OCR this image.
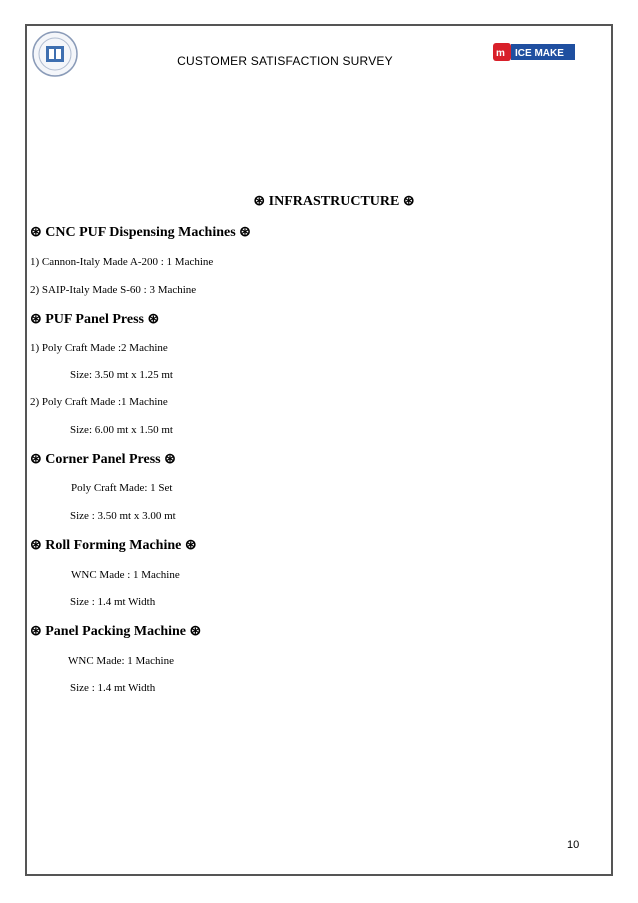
m ICE MAKE
CUSTOMER SATISFACTION SURVEY
⊛ INFRASTRUCTURE ⊛
⊛ CNC PUF Dispensing Machines ⊛
1) Cannon-Italy Made A-200 : 1 Machine
2) SAIP-Italy Made S-60 : 3 Machine
⊛ PUF Panel Press ⊛
1) Poly Craft Made :2 Machine
Size: 3.50 mt x 1.25 mt
2) Poly Craft Made :1 Machine
Size: 6.00 mt x 1.50 mt
⊛ Corner Panel Press ⊛
Poly Craft Made: 1 Set
Size : 3.50 mt x 3.00 mt
⊛ Roll Forming Machine ⊛
WNC Made : 1 Machine
Size : 1.4 mt Width
⊛ Panel Packing Machine ⊛
WNC Made: 1 Machine
Size : 1.4 mt Width
10
